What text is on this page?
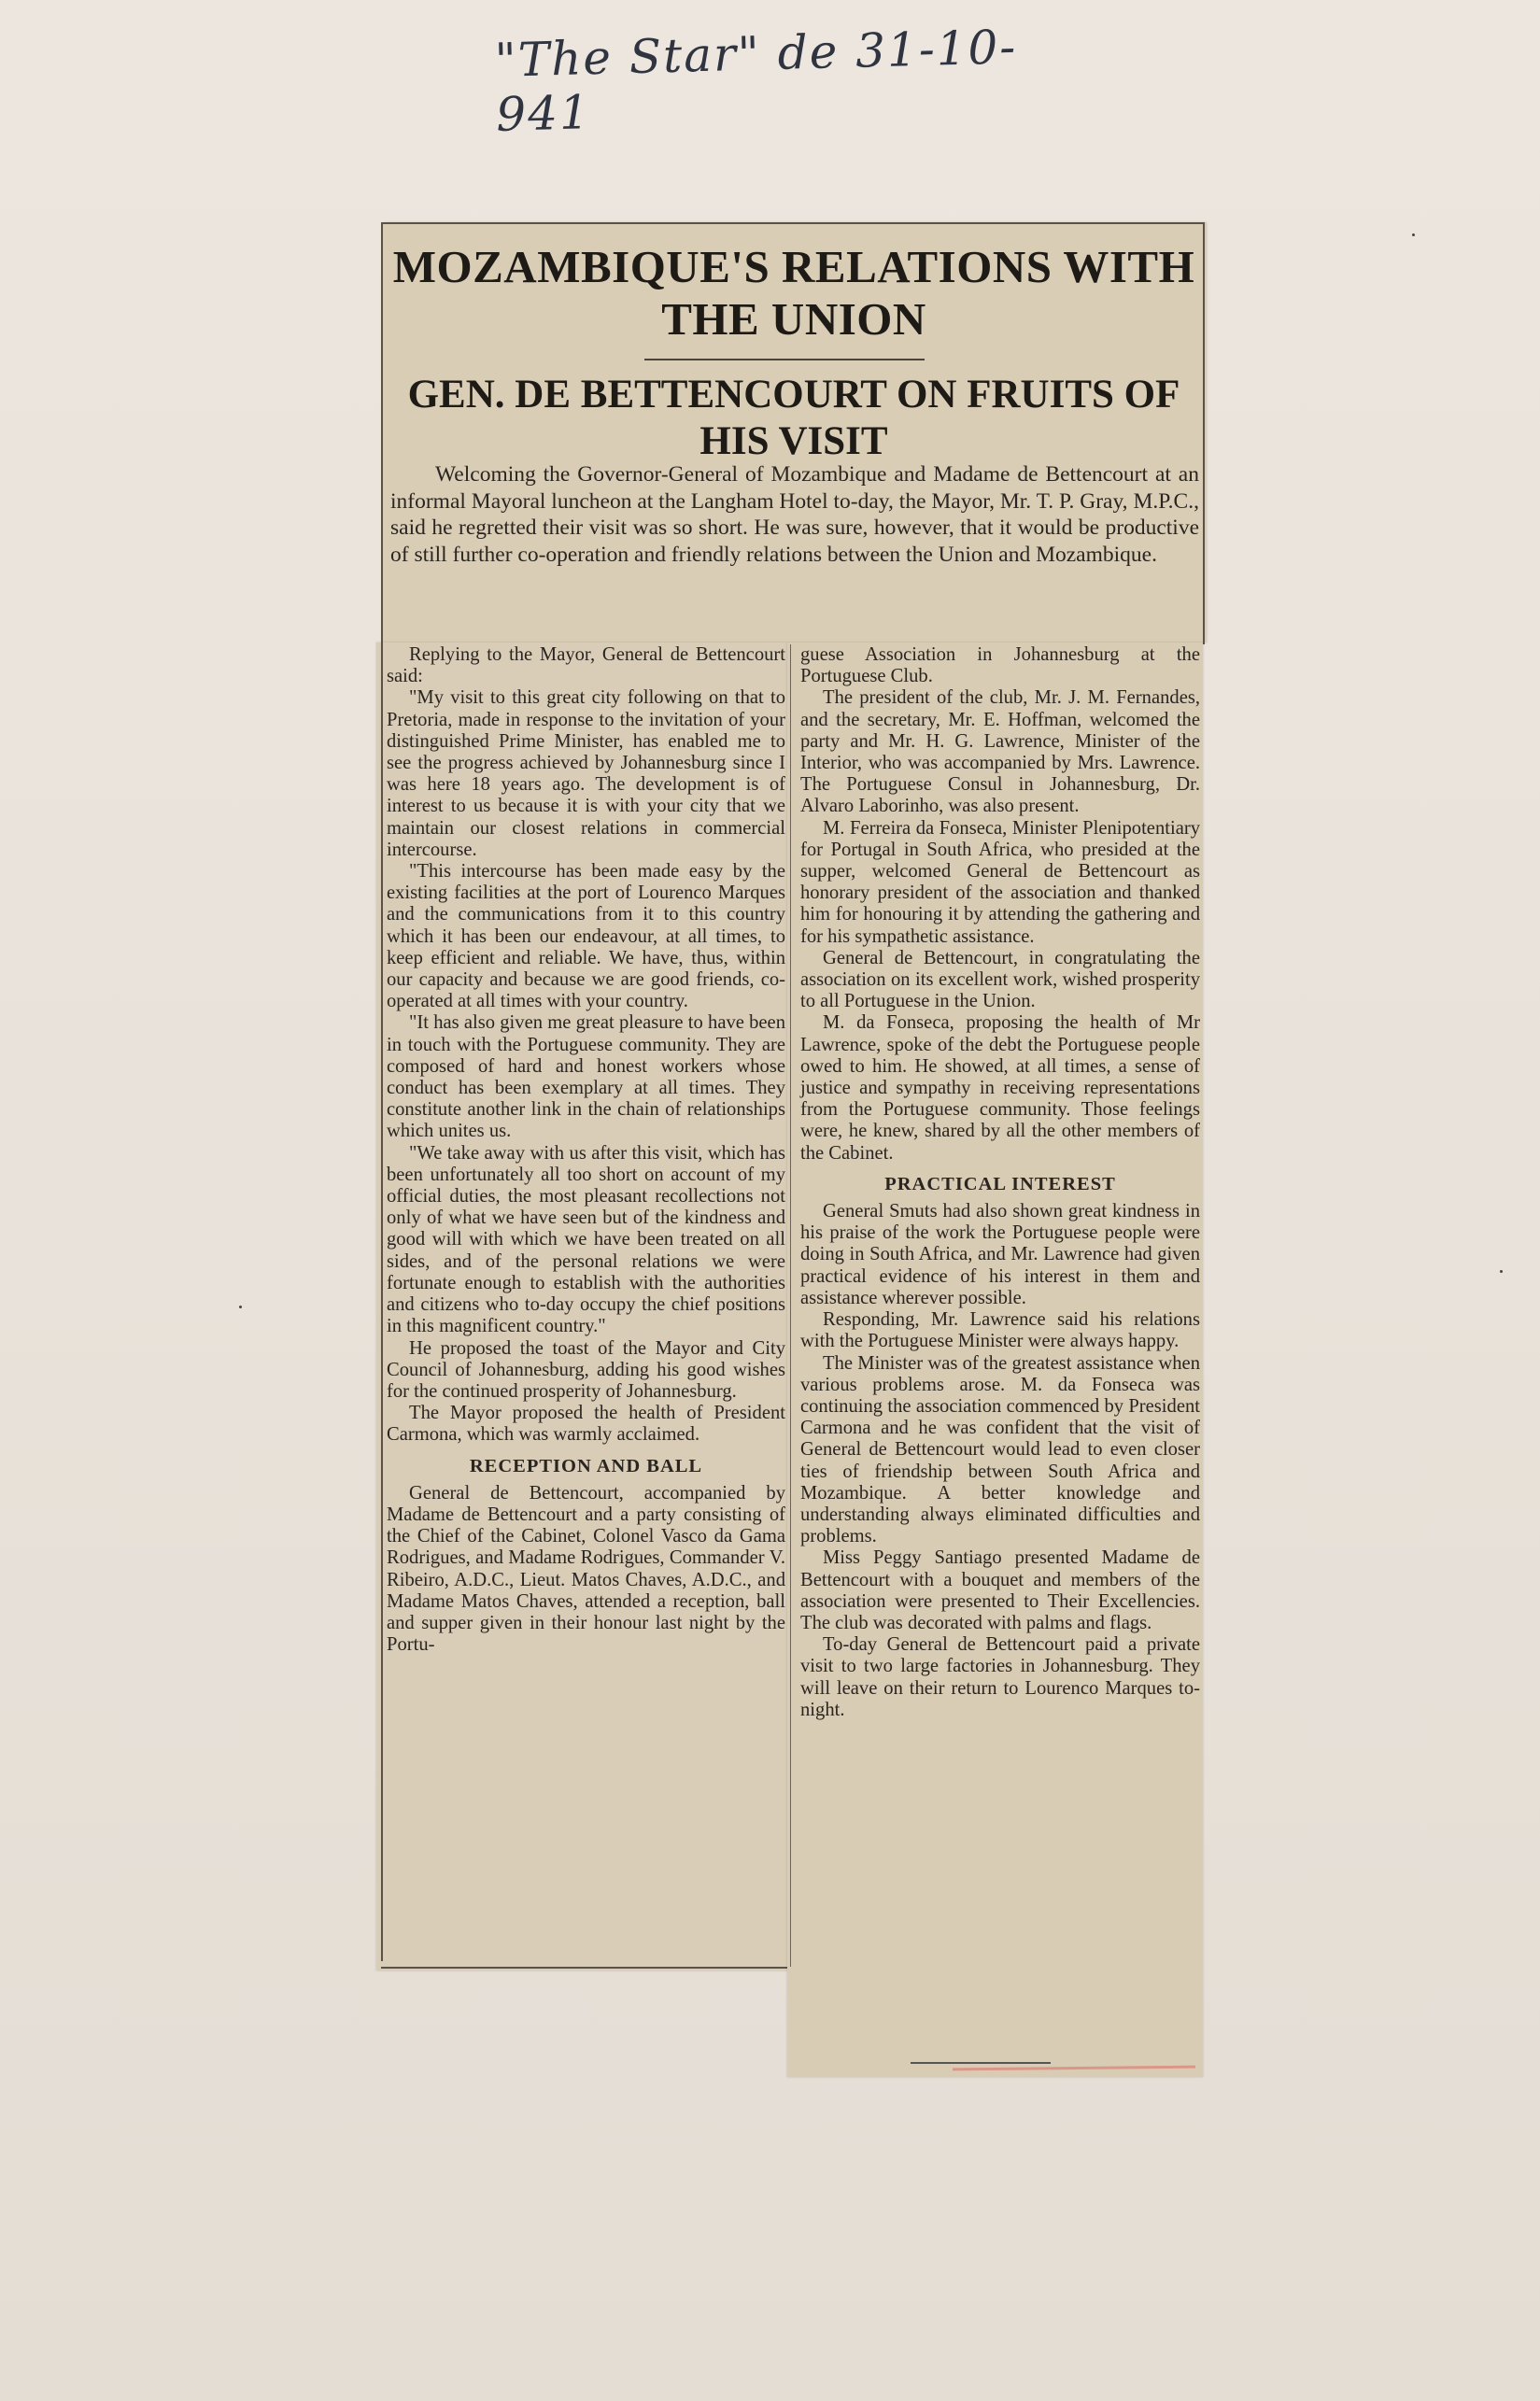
"The Star" de 31-10-941
MOZAMBIQUE'S RELATIONS WITH THE UNION
GEN. DE BETTENCOURT ON FRUITS OF HIS VISIT

Welcoming the Governor-General of Mozambique and Madame de Bettencourt at an informal Mayoral luncheon at the Langham Hotel to-day, the Mayor, Mr. T. P. Gray, M.P.C., said he regretted their visit was so short. He was sure, however, that it would be productive of still further co-operation and friendly relations between the Union and Mozambique.

Replying to the Mayor, General de Bettencourt said:

"My visit to this great city following on that to Pretoria, made in response to the invitation of your distinguished Prime Minister, has enabled me to see the progress achieved by Johannesburg since I was here 18 years ago. The development is of interest to us because it is with your city that we maintain our closest relations in commercial intercourse.

"This intercourse has been made easy by the existing facilities at the port of Lourenco Marques and the communications from it to this country which it has been our endeavour, at all times, to keep efficient and reliable. We have, thus, within our capacity and because we are good friends, co-operated at all times with your country.

"It has also given me great pleasure to have been in touch with the Portuguese community. They are composed of hard and honest workers whose conduct has been exemplary at all times. They constitute another link in the chain of relationships which unites us.

"We take away with us after this visit, which has been unfortunately all too short on account of my official duties, the most pleasant recollections not only of what we have seen but of the kindness and good will with which we have been treated on all sides, and of the personal relations we were fortunate enough to establish with the authorities and citizens who to-day occupy the chief positions in this magnificent country."

He proposed the toast of the Mayor and City Council of Johannesburg, adding his good wishes for the continued prosperity of Johannesburg.

The Mayor proposed the health of President Carmona, which was warmly acclaimed.

RECEPTION AND BALL

General de Bettencourt, accompanied by Madame de Bettencourt and a party consisting of the Chief of the Cabinet, Colonel Vasco da Gama Rodrigues, and Madame Rodrigues, Commander V. Ribeiro, A.D.C., Lieut. Matos Chaves, A.D.C., and Madame Matos Chaves, attended a reception, ball and supper given in their honour last night by the Portu-

guese Association in Johannesburg at the Portuguese Club.

The president of the club, Mr. J. M. Fernandes, and the secretary, Mr. E. Hoffman, welcomed the party and Mr. H. G. Lawrence, Minister of the Interior, who was accompanied by Mrs. Lawrence. The Portuguese Consul in Johannesburg, Dr. Alvaro Laborinho, was also present.

M. Ferreira da Fonseca, Minister Plenipotentiary for Portugal in South Africa, who presided at the supper, welcomed General de Bettencourt as honorary president of the association and thanked him for honouring it by attending the gathering and for his sympathetic assistance.

General de Bettencourt, in congratulating the association on its excellent work, wished prosperity to all Portuguese in the Union.

M. da Fonseca, proposing the health of Mr Lawrence, spoke of the debt the Portuguese people owed to him. He showed, at all times, a sense of justice and sympathy in receiving representations from the Portuguese community. Those feelings were, he knew, shared by all the other members of the Cabinet.

PRACTICAL INTEREST

General Smuts had also shown great kindness in his praise of the work the Portuguese people were doing in South Africa, and Mr. Lawrence had given practical evidence of his interest in them and assistance wherever possible.

Responding, Mr. Lawrence said his relations with the Portuguese Minister were always happy.

The Minister was of the greatest assistance when various problems arose. M. da Fonseca was continuing the association commenced by President Carmona and he was confident that the visit of General de Bettencourt would lead to even closer ties of friendship between South Africa and Mozambique. A better knowledge and understanding always eliminated difficulties and problems.

Miss Peggy Santiago presented Madame de Bettencourt with a bouquet and members of the association were presented to Their Excellencies. The club was decorated with palms and flags.

To-day General de Bettencourt paid a private visit to two large factories in Johannesburg. They will leave on their return to Lourenco Marques to-night.
